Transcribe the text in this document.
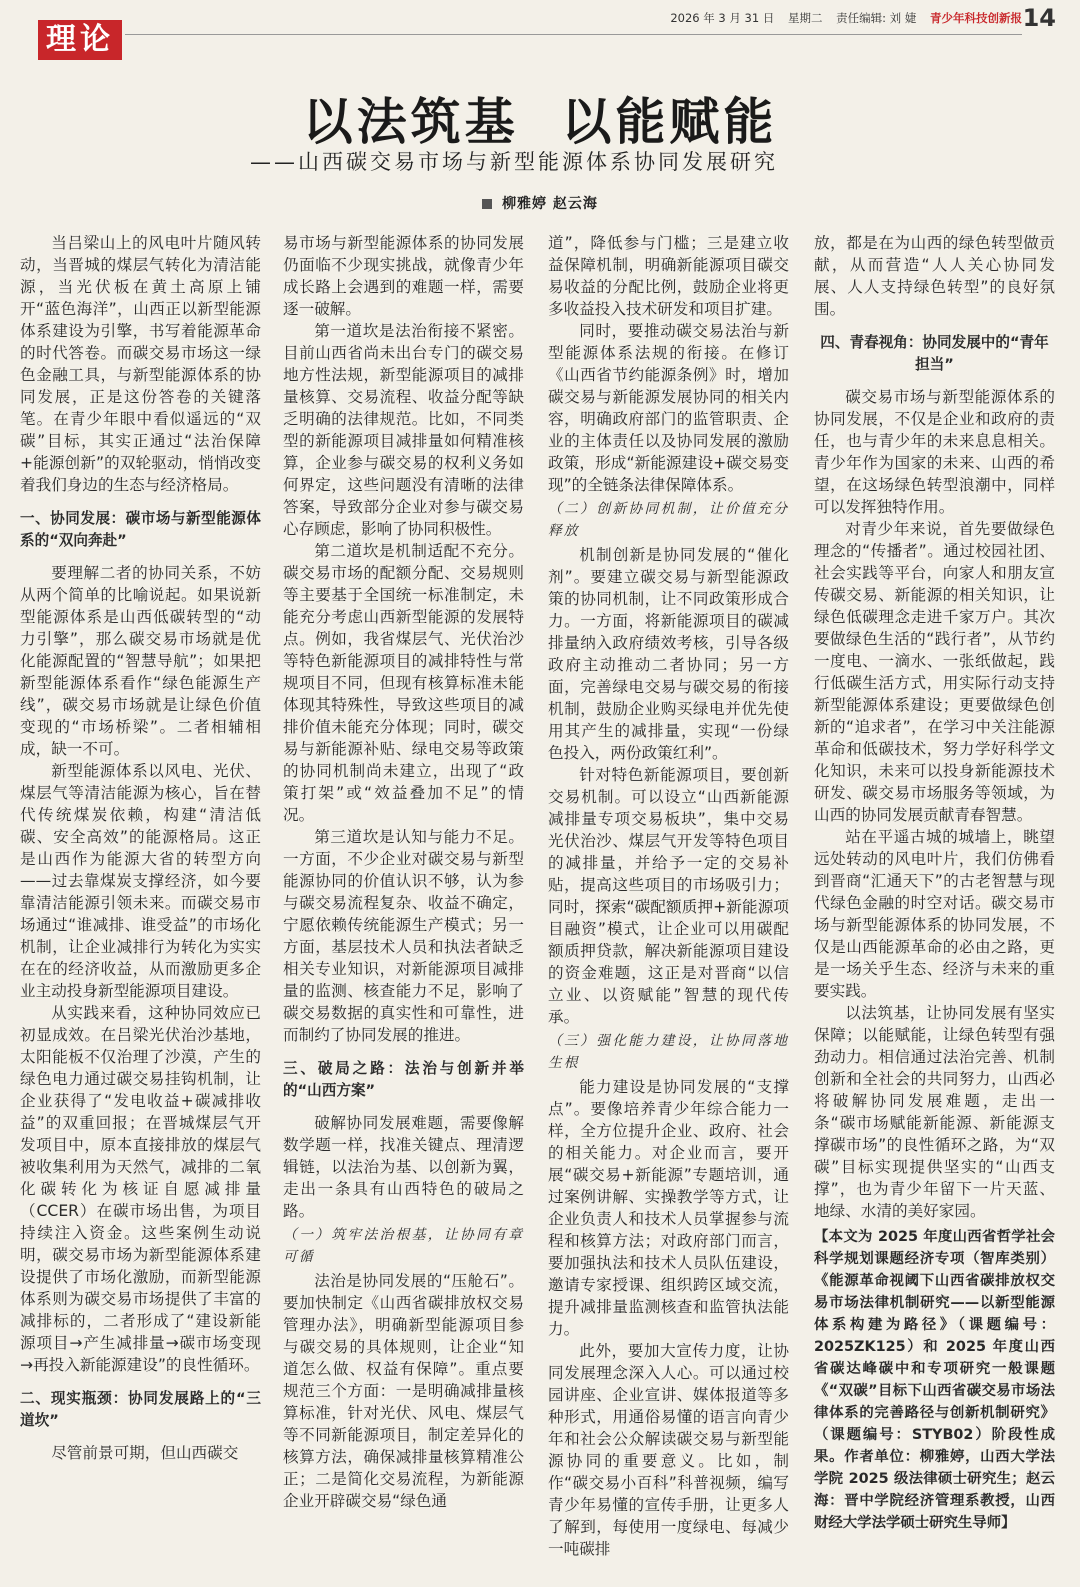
理论
2026 年 3 月 31 日 星期二 责任编辑: 刘 婕 青少年科技创新报 14
以法筑基  以能赋能
——山西碳交易市场与新型能源体系协同发展研究
柳雅婷 赵云海

当吕梁山上的风电叶片随风转动，当晋城的煤层气转化为清洁能源，当光伏板在黄土高原上铺开“蓝色海洋”，山西正以新型能源体系建设为引擎，书写着能源革命的时代答卷。而碳交易市场这一绿色金融工具，与新型能源体系的协同发展，正是这份答卷的关键落笔。在青少年眼中看似遥远的“双碳”目标，其实正通过“法治保障+能源创新”的双轮驱动，悄悄改变着我们身边的生态与经济格局。

一、协同发展：碳市场与新型能源体系的“双向奔赴”

要理解二者的协同关系，不妨从两个简单的比喻说起。如果说新型能源体系是山西低碳转型的“动力引擎”，那么碳交易市场就是优化能源配置的“智慧导航”；如果把新型能源体系看作“绿色能源生产线”，碳交易市场就是让绿色价值变现的“市场桥梁”。二者相辅相成，缺一不可。

新型能源体系以风电、光伏、煤层气等清洁能源为核心，旨在替代传统煤炭依赖，构建“清洁低碳、安全高效”的能源格局。这正是山西作为能源大省的转型方向——过去靠煤炭支撑经济，如今要靠清洁能源引领未来。而碳交易市场通过“谁减排、谁受益”的市场化机制，让企业减排行为转化为实实在在的经济收益，从而激励更多企业主动投身新型能源项目建设。

从实践来看，这种协同效应已初显成效。在吕梁光伏治沙基地，太阳能板不仅治理了沙漠，产生的绿色电力通过碳交易挂钩机制，让企业获得了“发电收益+碳减排收益”的双重回报；在晋城煤层气开发项目中，原本直接排放的煤层气被收集利用为天然气，减排的二氧化碳转化为核证自愿减排量（CCER）在碳市场出售，为项目持续注入资金。这些案例生动说明，碳交易市场为新型能源体系建设提供了市场化激励，而新型能源体系则为碳交易市场提供了丰富的减排标的，二者形成了“建设新能源项目→产生减排量→碳市场变现→再投入新能源建设”的良性循环。

二、现实瓶颈：协同发展路上的“三道坎”

尽管前景可期，但山西碳交

易市场与新型能源体系的协同发展仍面临不少现实挑战，就像青少年成长路上会遇到的难题一样，需要逐一破解。

第一道坎是法治衔接不紧密。目前山西省尚未出台专门的碳交易地方性法规，新型能源项目的减排量核算、交易流程、收益分配等缺乏明确的法律规范。比如，不同类型的新能源项目减排量如何精准核算，企业参与碳交易的权利义务如何界定，这些问题没有清晰的法律答案，导致部分企业对参与碳交易心存顾虑，影响了协同积极性。

第二道坎是机制适配不充分。碳交易市场的配额分配、交易规则等主要基于全国统一标准制定，未能充分考虑山西新型能源的发展特点。例如，我省煤层气、光伏治沙等特色新能源项目的减排特性与常规项目不同，但现有核算标准未能体现其特殊性，导致这些项目的减排价值未能充分体现；同时，碳交易与新能源补贴、绿电交易等政策的协同机制尚未建立，出现了“政策打架”或“效益叠加不足”的情况。

第三道坎是认知与能力不足。一方面，不少企业对碳交易与新型能源协同的价值认识不够，认为参与碳交易流程复杂、收益不确定，宁愿依赖传统能源生产模式；另一方面，基层技术人员和执法者缺乏相关专业知识，对新能源项目减排量的监测、核查能力不足，影响了碳交易数据的真实性和可靠性，进而制约了协同发展的推进。

三、破局之路：法治与创新并举的“山西方案”

破解协同发展难题，需要像解数学题一样，找准关键点、理清逻辑链，以法治为基、以创新为翼，走出一条具有山西特色的破局之路。

（一）筑牢法治根基，让协同有章可循

法治是协同发展的“压舱石”。要加快制定《山西省碳排放权交易管理办法》，明确新型能源项目参与碳交易的具体规则，让企业“知道怎么做、权益有保障”。重点要规范三个方面：一是明确减排量核算标准，针对光伏、风电、煤层气等不同新能源项目，制定差异化的核算方法，确保减排量核算精准公正；二是简化交易流程，为新能源企业开辟碳交易“绿色通

道”，降低参与门槛；三是建立收益保障机制，明确新能源项目碳交易收益的分配比例，鼓励企业将更多收益投入技术研发和项目扩建。

同时，要推动碳交易法治与新型能源体系法规的衔接。在修订《山西省节约能源条例》时，增加碳交易与新能源发展协同的相关内容，明确政府部门的监管职责、企业的主体责任以及协同发展的激励政策，形成“新能源建设+碳交易变现”的全链条法律保障体系。

（二）创新协同机制，让价值充分释放

机制创新是协同发展的“催化剂”。要建立碳交易与新型能源政策的协同机制，让不同政策形成合力。一方面，将新能源项目的碳减排量纳入政府绩效考核，引导各级政府主动推动二者协同；另一方面，完善绿电交易与碳交易的衔接机制，鼓励企业购买绿电并优先使用其产生的减排量，实现“一份绿色投入，两份政策红利”。

针对特色新能源项目，要创新交易机制。可以设立“山西新能源减排量专项交易板块”，集中交易光伏治沙、煤层气开发等特色项目的减排量，并给予一定的交易补贴，提高这些项目的市场吸引力；同时，探索“碳配额质押+新能源项目融资”模式，让企业可以用碳配额质押贷款，解决新能源项目建设的资金难题，这正是对晋商“以信立业、以资赋能”智慧的现代传承。

（三）强化能力建设，让协同落地生根

能力建设是协同发展的“支撑点”。要像培养青少年综合能力一样，全方位提升企业、政府、社会的相关能力。对企业而言，要开展“碳交易+新能源”专题培训，通过案例讲解、实操教学等方式，让企业负责人和技术人员掌握参与流程和核算方法；对政府部门而言，要加强执法和技术人员队伍建设，邀请专家授课、组织跨区域交流，提升减排量监测核查和监管执法能力。

此外，要加大宣传力度，让协同发展理念深入人心。可以通过校园讲座、企业宣讲、媒体报道等多种形式，用通俗易懂的语言向青少年和社会公众解读碳交易与新型能源协同的重要意义。比如，制作“碳交易小百科”科普视频，编写青少年易懂的宣传手册，让更多人了解到，每使用一度绿电、每减少一吨碳排

放，都是在为山西的绿色转型做贡献，从而营造“人人关心协同发展、人人支持绿色转型”的良好氛围。

四、青春视角：协同发展中的“青年担当”

碳交易市场与新型能源体系的协同发展，不仅是企业和政府的责任，也与青少年的未来息息相关。青少年作为国家的未来、山西的希望，在这场绿色转型浪潮中，同样可以发挥独特作用。

对青少年来说，首先要做绿色理念的“传播者”。通过校园社团、社会实践等平台，向家人和朋友宣传碳交易、新能源的相关知识，让绿色低碳理念走进千家万户。其次要做绿色生活的“践行者”，从节约一度电、一滴水、一张纸做起，践行低碳生活方式，用实际行动支持新型能源体系建设；更要做绿色创新的“追求者”，在学习中关注能源革命和低碳技术，努力学好科学文化知识，未来可以投身新能源技术研发、碳交易市场服务等领域，为山西的协同发展贡献青春智慧。

站在平遥古城的城墙上，眺望远处转动的风电叶片，我们仿佛看到晋商“汇通天下”的古老智慧与现代绿色金融的时空对话。碳交易市场与新型能源体系的协同发展，不仅是山西能源革命的必由之路，更是一场关乎生态、经济与未来的重要实践。

以法筑基，让协同发展有坚实保障；以能赋能，让绿色转型有强劲动力。相信通过法治完善、机制创新和全社会的共同努力，山西必将破解协同发展难题，走出一条“碳市场赋能新能源、新能源支撑碳市场”的良性循环之路，为“双碳”目标实现提供坚实的“山西支撑”，也为青少年留下一片天蓝、地绿、水清的美好家园。

【本文为 2025 年度山西省哲学社会科学规划课题经济专项（智库类别）《能源革命视阈下山西省碳排放权交易市场法律机制研究——以新型能源体系构建为路径》（课题编号：2025ZK125）和 2025 年度山西省碳达峰碳中和专项研究一般课题《“双碳”目标下山西省碳交易市场法律体系的完善路径与创新机制研究》（课题编号：STYB02）阶段性成果。作者单位：柳雅婷，山西大学法学院 2025 级法律硕士研究生；赵云海：晋中学院经济管理系教授，山西财经大学法学硕士研究生导师】
